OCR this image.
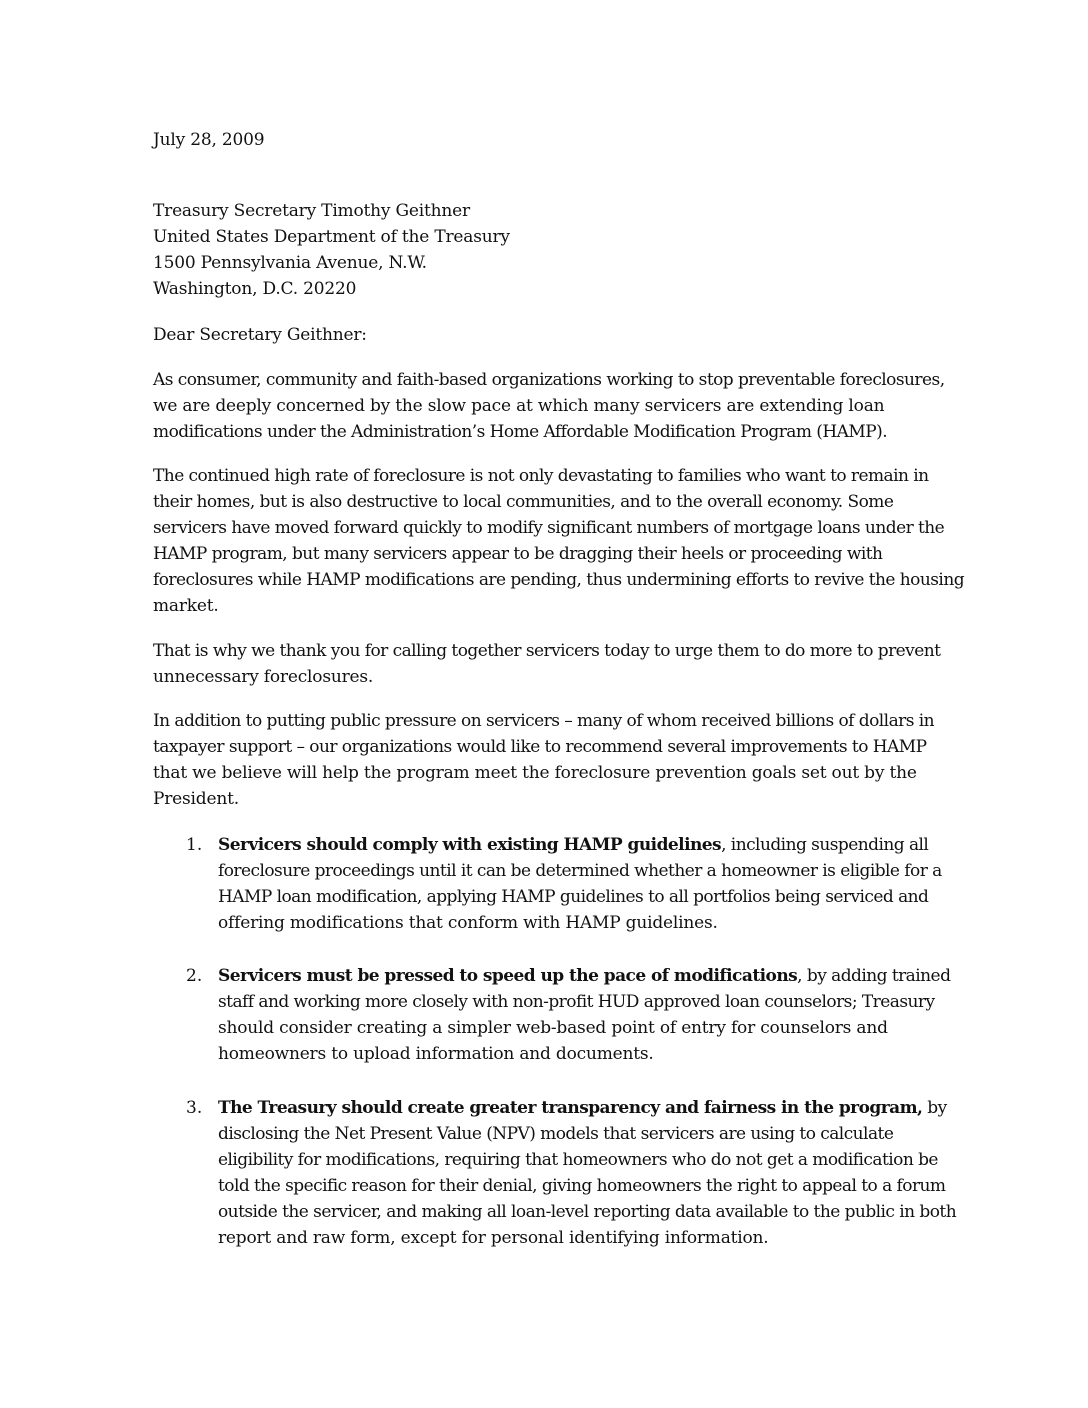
July 28, 2009
Treasury Secretary Timothy Geithner
United States Department of the Treasury
1500 Pennsylvania Avenue, N.W.
Washington, D.C. 20220
Dear Secretary Geithner:
As consumer, community and faith-based organizations working to stop preventable foreclosures,
we are deeply concerned by the slow pace at which many servicers are extending loan
modifications under the Administration’s Home Affordable Modification Program (HAMP).
The continued high rate of foreclosure is not only devastating to families who want to remain in
their homes, but is also destructive to local communities, and to the overall economy. Some
servicers have moved forward quickly to modify significant numbers of mortgage loans under the
HAMP program, but many servicers appear to be dragging their heels or proceeding with
foreclosures while HAMP modifications are pending, thus undermining efforts to revive the housing
market.
That is why we thank you for calling together servicers today to urge them to do more to prevent
unnecessary foreclosures.
In addition to putting public pressure on servicers – many of whom received billions of dollars in
taxpayer support – our organizations would like to recommend several improvements to HAMP
that we believe will help the program meet the foreclosure prevention goals set out by the
President.
1. Servicers should comply with existing HAMP guidelines, including suspending all
foreclosure proceedings until it can be determined whether a homeowner is eligible for a
HAMP loan modification, applying HAMP guidelines to all portfolios being serviced and
offering modifications that conform with HAMP guidelines.
2. Servicers must be pressed to speed up the pace of modifications, by adding trained
staff and working more closely with non-profit HUD approved loan counselors; Treasury
should consider creating a simpler web-based point of entry for counselors and
homeowners to upload information and documents.
3. The Treasury should create greater transparency and fairness in the program, by
disclosing the Net Present Value (NPV) models that servicers are using to calculate
eligibility for modifications, requiring that homeowners who do not get a modification be
told the specific reason for their denial, giving homeowners the right to appeal to a forum
outside the servicer, and making all loan-level reporting data available to the public in both
report and raw form, except for personal identifying information.
